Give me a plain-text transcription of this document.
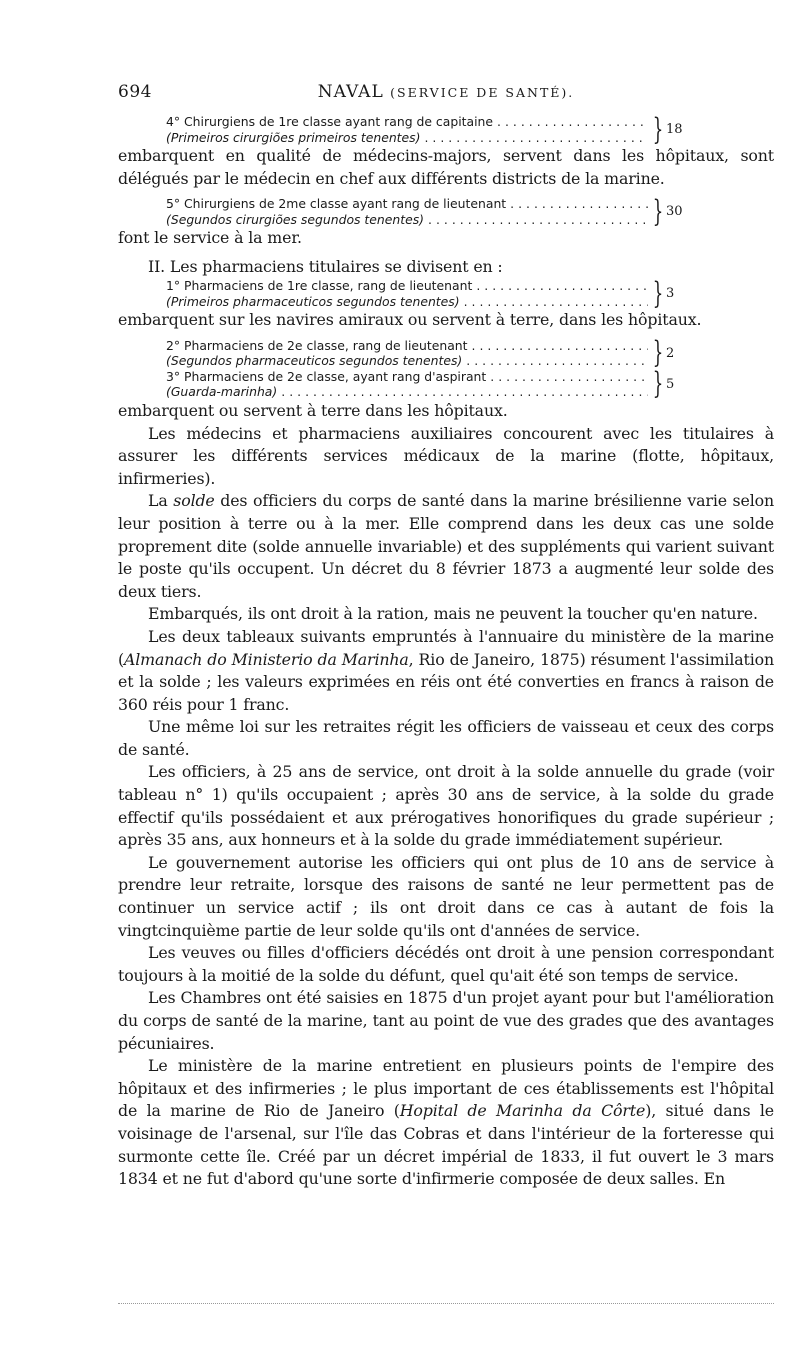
694	NAVAL (SERVICE DE SANTÉ).
4° Chirurgiens de 1re classe ayant rang de capitaine
.....
(Primeiros cirurgiões primeiros tenentes) .....	} 18

embarquent en qualité de médecins-majors, servent dans les hôpitaux, sont délégués par le médecin en chef aux différents districts de la marine.

5° Chirurgiens de 2me classe ayant rang de lieutenant
.....
(Segundos cirurgiões segundos tenentes) .....	} 30

font le service à la mer.

II. Les pharmaciens titulaires se divisent en :

1° Pharmaciens de 1re classe, rang de lieutenant
.....
(Primeiros pharmaceuticos segundos tenentes) .....	} 3

embarquent sur les navires amiraux ou servent à terre, dans les hôpitaux.

2° Pharmaciens de 2e classe, rang de lieutenant
.....
(Segundos pharmaceuticos segundos tenentes) .....	} 2
3° Pharmaciens de 2e classe, ayant rang d'aspirant
.....
(Guarda-marinha) .....	} 5

embarquent ou servent à terre dans les hôpitaux.

Les médecins et pharmaciens auxiliaires concourent avec les titulaires à assurer les différents services médicaux de la marine (flotte, hôpitaux, infirmeries).

La solde des officiers du corps de santé dans la marine brésilienne varie selon leur position à terre ou à la mer. Elle comprend dans les deux cas une solde proprement dite (solde annuelle invariable) et des suppléments qui varient suivant le poste qu'ils occupent. Un décret du 8 février 1873 a augmenté leur solde des deux tiers.

Embarqués, ils ont droit à la ration, mais ne peuvent la toucher qu'en nature.

Les deux tableaux suivants empruntés à l'annuaire du ministère de la marine (Almanach do Ministerio da Marinha, Rio de Janeiro, 1875) résument l'assimilation et la solde ; les valeurs exprimées en réis ont été converties en francs à raison de 360 réis pour 1 franc.

Une même loi sur les retraites régit les officiers de vaisseau et ceux des corps de santé.

Les officiers, à 25 ans de service, ont droit à la solde annuelle du grade (voir tableau n° 1) qu'ils occupaient ; après 30 ans de service, à la solde du grade effectif qu'ils possédaient et aux prérogatives honorifiques du grade supérieur ; après 35 ans, aux honneurs et à la solde du grade immédiatement supérieur.

Le gouvernement autorise les officiers qui ont plus de 10 ans de service à prendre leur retraite, lorsque des raisons de santé ne leur permettent pas de continuer un service actif ; ils ont droit dans ce cas à autant de fois la vingtcinquième partie de leur solde qu'ils ont d'années de service.

Les veuves ou filles d'officiers décédés ont droit à une pension correspondant toujours à la moitié de la solde du défunt, quel qu'ait été son temps de service.

Les Chambres ont été saisies en 1875 d'un projet ayant pour but l'amélioration du corps de santé de la marine, tant au point de vue des grades que des avantages pécuniaires.

Le ministère de la marine entretient en plusieurs points de l'empire des hôpitaux et des infirmeries ; le plus important de ces établissements est l'hôpital de la marine de Rio de Janeiro (Hopital de Marinha da Côrte), situé dans le voisinage de l'arsenal, sur l'île das Cobras et dans l'intérieur de la forteresse qui surmonte cette île. Créé par un décret impérial de 1833, il fut ouvert le 3 mars 1834 et ne fut d'abord qu'une sorte d'infirmerie composée de deux salles. En
